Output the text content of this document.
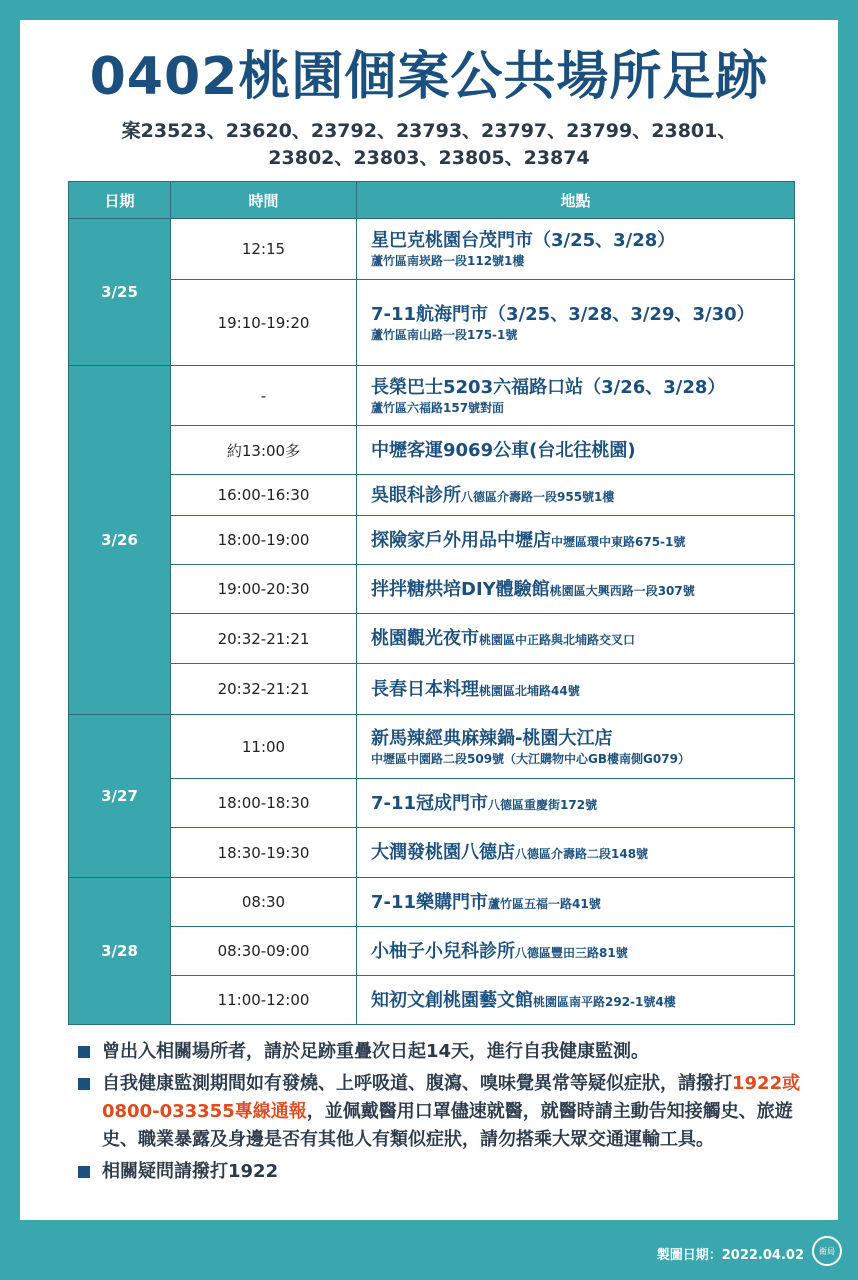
0402桃園個案公共場所足跡
案23523、23620、23792、23793、23797、23799、23801、
23802、23803、23805、23874
日期	時間	地點
3/25	12:15	星巴克桃園台茂門市（3/25、3/28）
蘆竹區南崁路一段112號1樓

	19:10-19:20	7-11航海門市（3/25、3/28、3/29、3/30）
蘆竹區南山路一段175-1號

3/26	-	長榮巴士5203六福路口站（3/26、3/28）
蘆竹區六福路157號對面

	約13:00多	中壢客運9069公車(台北往桃園)
	16:00-16:30	吳眼科診所八德區介壽路一段955號1樓
	18:00-19:00	探險家戶外用品中壢店中壢區環中東路675-1號
	19:00-20:30	拌拌糖烘培DIY體驗館桃園區大興西路一段307號
	20:32-21:21	桃園觀光夜市桃園區中正路與北埔路交叉口
	20:32-21:21	長春日本料理桃園區北埔路44號
3/27	11:00	新馬辣經典麻辣鍋-桃園大江店
中壢區中園路二段509號（大江購物中心GB樓南側G079）

	18:00-18:30	7-11冠成門市八德區重慶街172號
	18:30-19:30	大潤發桃園八德店八德區介壽路二段148號
3/28	08:30	7-11樂購門市蘆竹區五福一路41號
	08:30-09:00	小柚子小兒科診所八德區豐田三路81號
	11:00-12:00	知初文創桃園藝文館桃園區南平路292-1號4樓
曾出入相關場所者，請於足跡重疊次日起14天，進行自我健康監測。
自我健康監測期間如有發燒、上呼吸道、腹瀉、嗅味覺異常等疑似症狀，請撥打1922或0800-033355專線通報，並佩戴醫用口罩儘速就醫，就醫時請主動告知接觸史、旅遊史、職業暴露及身邊是否有其他人有類似症狀，請勿搭乘大眾交通運輸工具。
相關疑問請撥打1922
製圖日期：2022.04.02 衛局
